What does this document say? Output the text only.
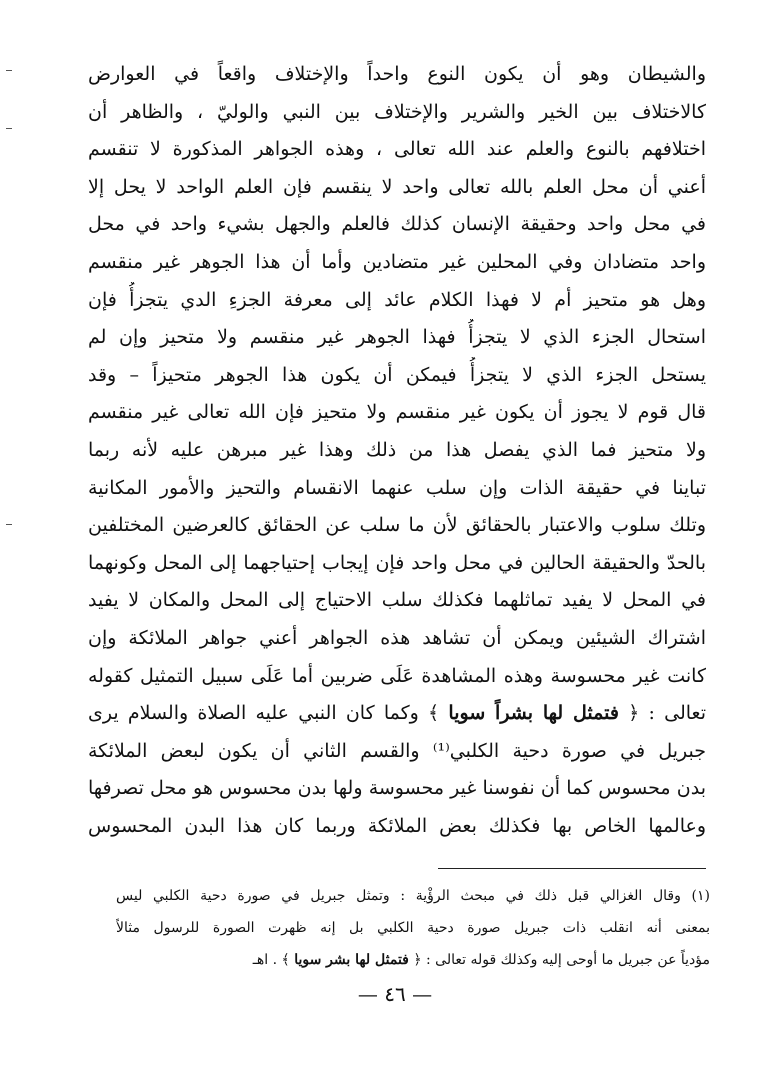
والشيطان وهو أن يكون النوع واحداً والإختلاف واقعاً في العوارض
كالاختلاف بين الخير والشرير والإختلاف بين النبي والوليّ ، والظاهر أن
اختلافهم بالنوع والعلم عند الله تعالى ، وهذه الجواهر المذكورة لا تنقسم
أعني أن محل العلم بالله تعالى واحد لا ينقسم فإن العلم الواحد لا يحل إلا
في محل واحد وحقيقة الإنسان كذلك فالعلم والجهل بشيء واحد في محل
واحد متضادان وفي المحلين غير متضادين وأما أن هذا الجوهر غير منقسم
وهل هو متحيز أم لا فهذا الكلام عائد إلى معرفة الجزءِ الدي يتجزأُ فإن
استحال الجزء الذي لا يتجزأُ فهذا الجوهر غير منقسم ولا متحيز وإن لم
يستحل الجزء الذي لا يتجزأُ فيمكن أن يكون هذا الجوهر متحيزاً – وقد
قال قوم لا يجوز أن يكون غير منقسم ولا متحيز فإن الله تعالى غير منقسم
ولا متحيز فما الذي يفصل هذا من ذلك وهذا غير مبرهن عليه لأنه ربما
تباينا في حقيقة الذات وإن سلب عنهما الانقسام والتحيز والأمور المكانية
وتلك سلوب والاعتبار بالحقائق لأن ما سلب عن الحقائق كالعرضين المختلفين
بالحدّ والحقيقة الحالين في محل واحد فإن إيجاب إحتياجهما إلى المحل وكونهما
في المحل لا يفيد تماثلهما فكذلك سلب الاحتياج إلى المحل والمكان لا يفيد
اشتراك الشيئين ويمكن أن تشاهد هذه الجواهر أعني جواهر الملائكة وإن
كانت غير محسوسة وهذه المشاهدة عَلَى ضربين أما عَلَى سبيل التمثيل كقوله
تعالى : ﴿ فتمثل لها بشراً سويا ﴾ وكما كان النبي عليه الصلاة والسلام يرى
جبريل في صورة دحية الكلبي⁽¹⁾ والقسم الثاني أن يكون لبعض الملائكة
بدن محسوس كما أن نفوسنا غير محسوسة ولها بدن محسوس هو محل تصرفها
وعالمها الخاص بها فكذلك بعض الملائكة وربما كان هذا البدن المحسوس
(١) وقال الغزالي قبل ذلك في مبحث الرؤْية : وتمثل جبريل في صورة دحية الكلبي ليس
بمعنى أنه انقلب ذات جبريل صورة دحية الكلبي بل إنه ظهرت الصورة للرسول مثالاً
مؤدياً عن جبريل ما أوحى إليه وكذلك قوله تعالى : ﴿ فتمثل لها بشر سويا ﴾ . اهـ
— ٤٦ —
